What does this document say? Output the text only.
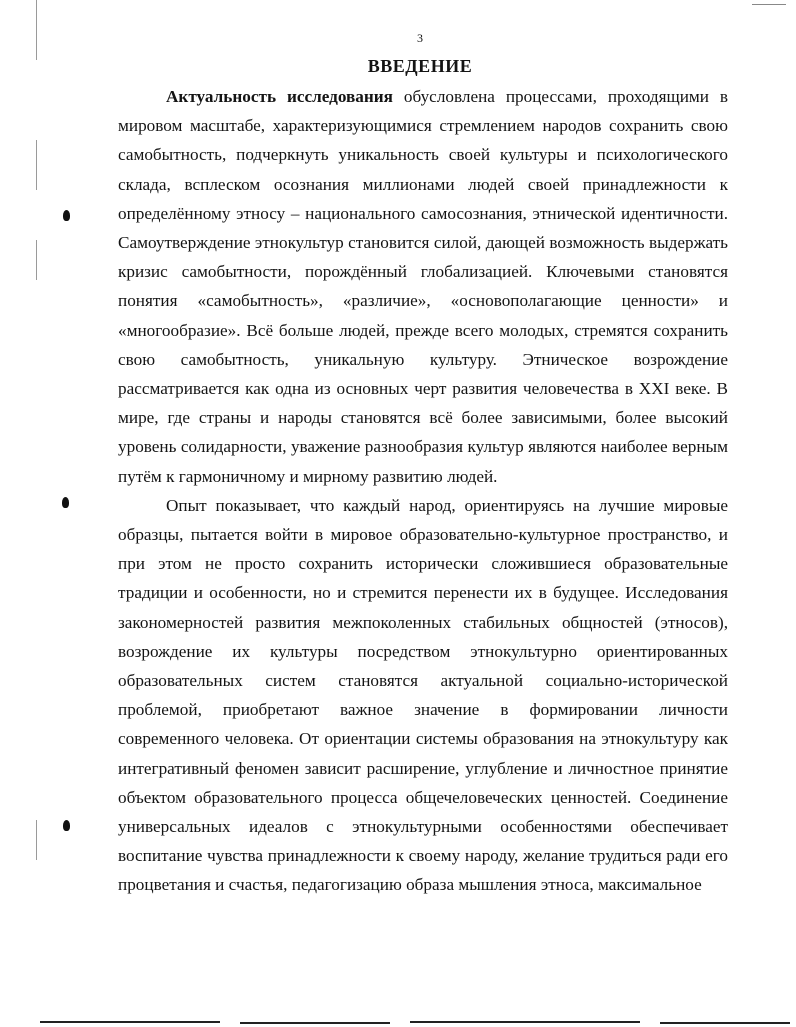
3
ВВЕДЕНИЕ

Актуальность исследования обусловлена процессами, проходящими в мировом масштабе, характеризующимися стремлением народов сохранить свою самобытность, подчеркнуть уникальность своей культуры и психологического склада, всплеском осознания миллионами людей своей принадлежности к определённому этносу – национального самосознания, этнической идентичности. Самоутверждение этнокультур становится силой, дающей возможность выдержать кризис самобытности, порождённый глобализацией. Ключевыми становятся понятия «самобытность», «различие», «основополагающие ценности» и «многообразие». Всё больше людей, прежде всего молодых, стремятся сохранить свою самобытность, уникальную культуру. Этническое возрождение рассматривается как одна из основных черт развития человечества в XXI веке. В мире, где страны и народы становятся всё более зависимыми, более высокий уровень солидарности, уважение разнообразия культур являются наиболее верным путём к гармоничному и мирному развитию людей.

Опыт показывает, что каждый народ, ориентируясь на лучшие мировые образцы, пытается войти в мировое образовательно-культурное пространство, и при этом не просто сохранить исторически сложившиеся образовательные традиции и особенности, но и стремится перенести их в будущее. Исследования закономерностей развития межпоколенных стабильных общностей (этносов), возрождение их культуры посредством этнокультурно ориентированных образовательных систем становятся актуальной социально-исторической проблемой, приобретают важное значение в формировании личности современного человека. От ориентации системы образования на этнокультуру как интегративный феномен зависит расширение, углубление и личностное принятие объектом образовательного процесса общечеловеческих ценностей. Соединение универсальных идеалов с этнокультурными особенностями обеспечивает воспитание чувства принадлежности к своему народу, желание трудиться ради его процветания и счастья, педагогизацию образа мышления этноса, максимальное
